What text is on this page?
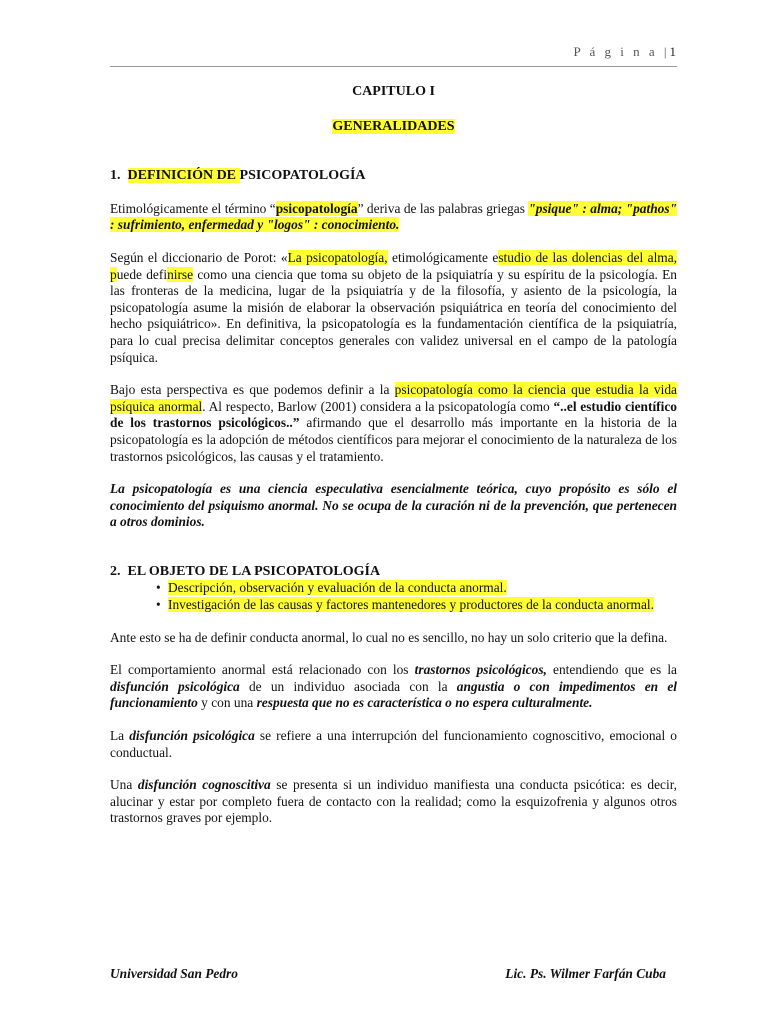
P á g i n a |1

CAPITULO I

GENERALIDADES

1. DEFINICIÓN DE PSICOPATOLOGÍA

Etimológicamente el término “psicopatología” deriva de las palabras griegas "psique" : alma; "pathos" : sufrimiento, enfermedad y "logos" : conocimiento.

Según el diccionario de Porot: «La psicopatología, etimológicamente estudio de las dolencias del alma, puede definirse como una ciencia que toma su objeto de la psiquiatría y su espíritu de la psicología. En las fronteras de la medicina, lugar de la psiquiatría y de la filosofía, y asiento de la psicología, la psicopatología asume la misión de elaborar la observación psiquiátrica en teoría del conocimiento del hecho psiquiátrico». En definitiva, la psicopatología es la fundamentación científica de la psiquiatría, para lo cual precisa delimitar conceptos generales con validez universal en el campo de la patología psíquica.

Bajo esta perspectiva es que podemos definir a la psicopatología como la ciencia que estudia la vida psíquica anormal. Al respecto, Barlow (2001) considera a la psicopatología como “..el estudio científico de los trastornos psicológicos..” afirmando que el desarrollo más importante en la historia de la psicopatología es la adopción de métodos científicos para mejorar el conocimiento de la naturaleza de los trastornos psicológicos, las causas y el tratamiento.

La psicopatología es una ciencia especulativa esencialmente teórica, cuyo propósito es sólo el conocimiento del psiquismo anormal. No se ocupa de la curación ni de la prevención, que pertenecen a otros dominios.

2. EL OBJETO DE LA PSICOPATOLOGÍA

• Descripción, observación y evaluación de la conducta anormal.
• Investigación de las causas y factores mantenedores y productores de la conducta anormal.

Ante esto se ha de definir conducta anormal, lo cual no es sencillo, no hay un solo criterio que la defina.

El comportamiento anormal está relacionado con los trastornos psicológicos, entendiendo que es la disfunción psicológica de un individuo asociada con la angustia o con impedimentos en el funcionamiento y con una respuesta que no es característica o no espera culturalmente.

La disfunción psicológica se refiere a una interrupción del funcionamiento cognoscitivo, emocional o conductual.

Una disfunción cognoscitiva se presenta si un individuo manifiesta una conducta psicótica: es decir, alucinar y estar por completo fuera de contacto con la realidad; como la esquizofrenia y algunos otros trastornos graves por ejemplo.

Universidad San Pedro	Lic. Ps. Wilmer Farfán Cuba
